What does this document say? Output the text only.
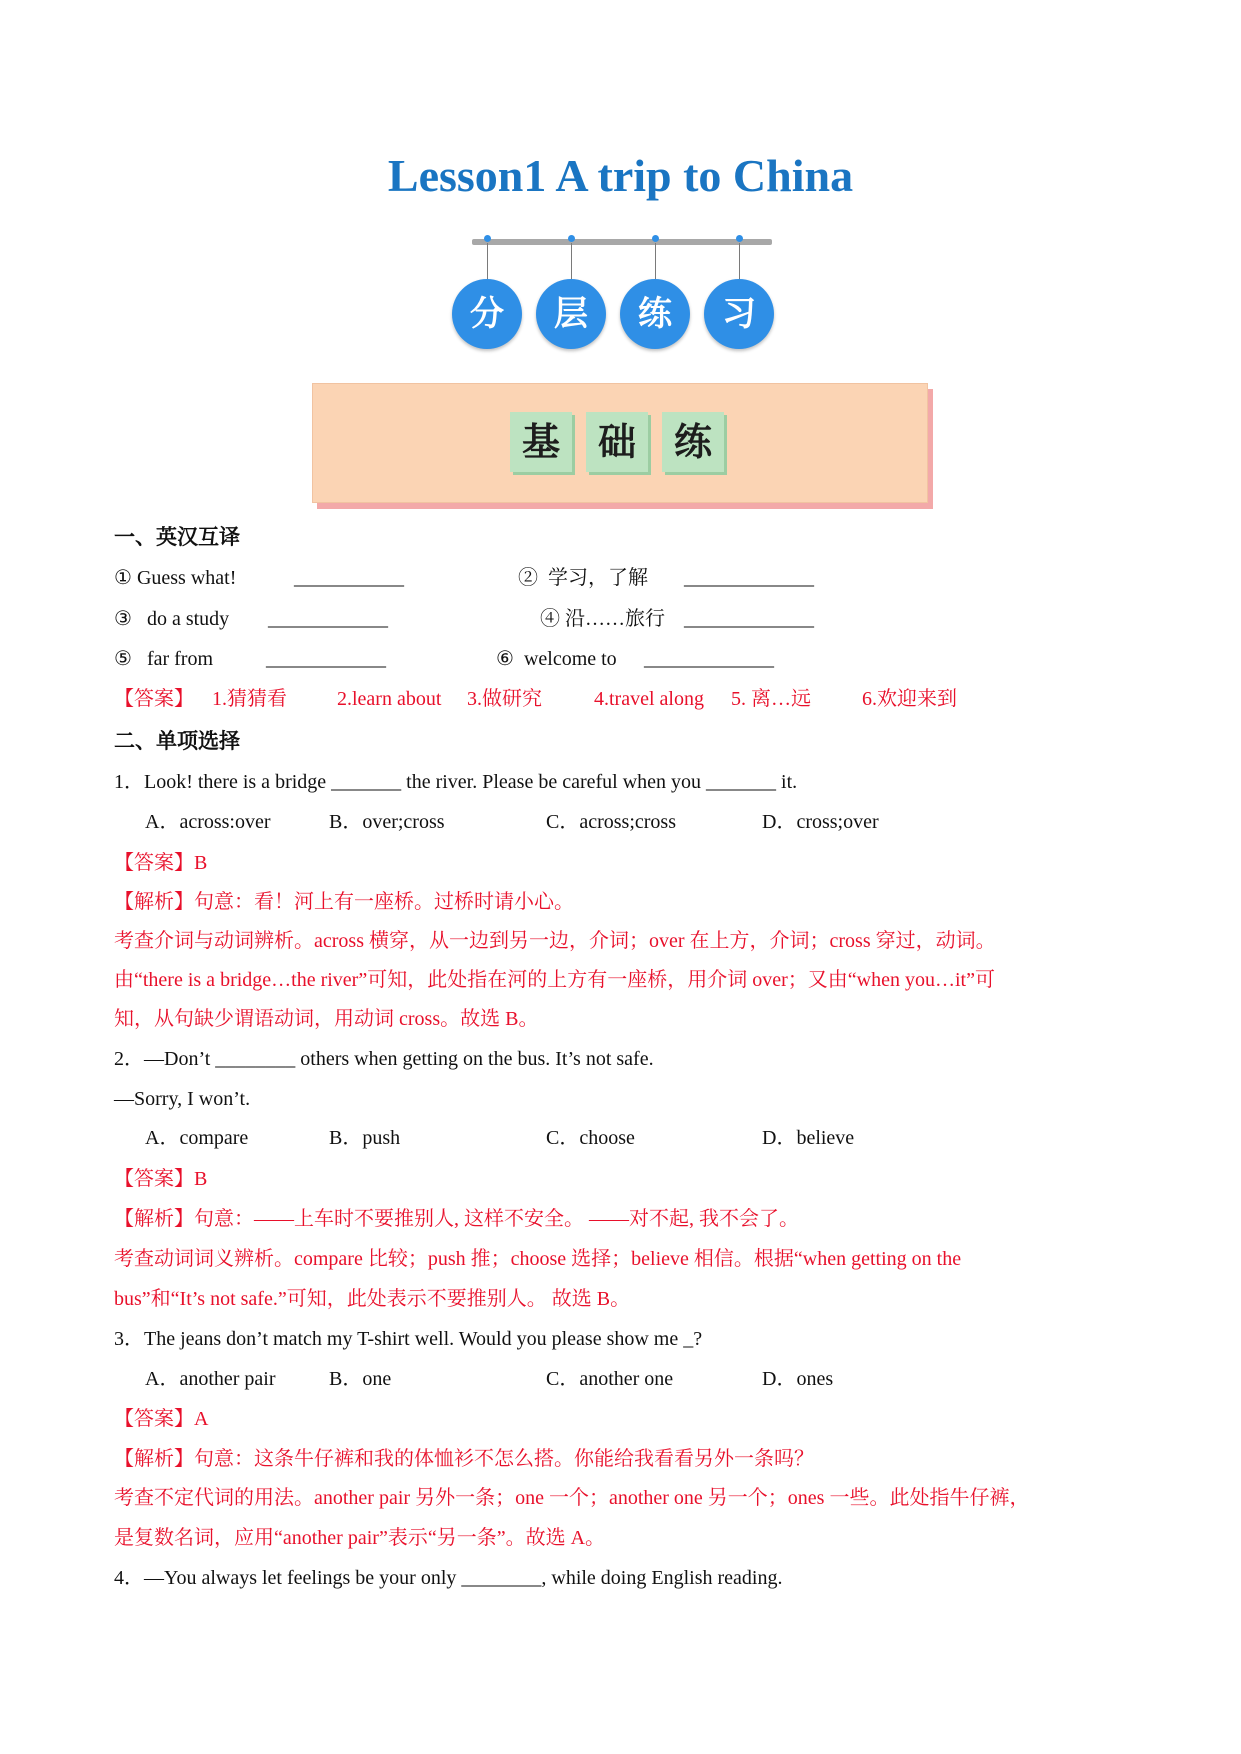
Lesson1 A trip to China
分	层	练	习
基 础 练
一、英汉互译
① Guess what!	___________	② 学习，了解 _____________
③ do a study ____________	④ 沿……旅行 _____________
⑤ far from	____________	⑥ welcome to _____________
【答案】 1.猜猜看	2.learn about 3.做研究	4.travel along 5. 离…远	6.欢迎来到
二、单项选择
1．Look! there is a bridge _______ the river. Please be careful when you _______ it.
A．across:over	B．over;cross	C．across;cross	D．cross;over
【答案】B
【解析】句意：看！河上有一座桥。过桥时请小心。
考查介词与动词辨析。across 横穿，从一边到另一边，介词；over 在上方，介词；cross 穿过，动词。
由“there is a bridge…the river”可知，此处指在河的上方有一座桥，用介词 over；又由“when you…it”可
知，从句缺少谓语动词，用动词 cross。故选 B。
2．—Don’t ________ others when getting on the bus. It’s not safe.
—Sorry, I won’t.
A．compare	B．push	C．choose	D．believe
【答案】B
【解析】句意：——上车时不要推别人, 这样不安全。 ——对不起, 我不会了。
考查动词词义辨析。compare 比较；push 推；choose 选择；believe 相信。根据“when getting on the
bus”和“It’s not safe.”可知，此处表示不要推别人。 故选 B。
3．The jeans don’t match my T-shirt well. Would you please show me _?
A．another pair	B．one	C．another one	D．ones
【答案】A
【解析】句意：这条牛仔裤和我的体恤衫不怎么搭。你能给我看看另外一条吗？
考查不定代词的用法。another pair 另外一条；one 一个；another one 另一个；ones 一些。此处指牛仔裤，
是复数名词，应用“another pair”表示“另一条”。故选 A。
4．—You always let feelings be your only ________, while doing English reading.
